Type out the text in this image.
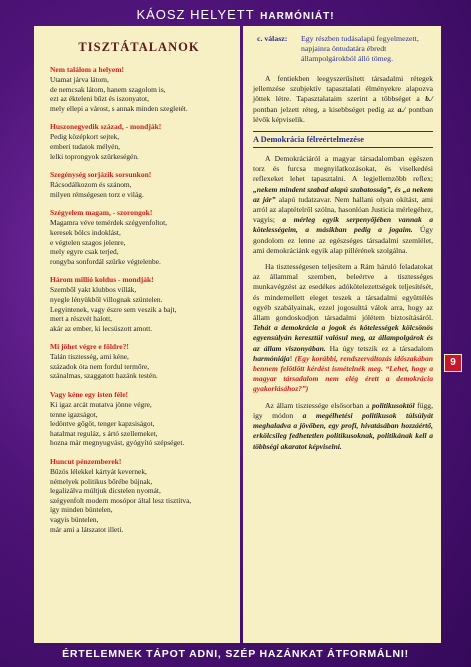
KÁOSZ HELYETT HARMÓNIÁT!
TISZTÁTALANOK
Nem találom a helyem!
Utamat járva látom,
de nemcsak látom, hanem szagolom is,
ezt az ékteleni bűzt és iszonyatot,
mely ellepi a várost, s annak minden szegletét.
Huszonegyedik század, - mondják!
Pedig középkort sejtek,
emberi tudatok mélyén,
lelki toprongyok szürkeségén.
Szegénység sorjázik sorsunkon!
Rácsodálkozom és szánom,
milyen rémségesen torz e világ.
Szégyelem magam, - szorongok!
Magamra véve temérdek szégyenfoltot,
keresek bölcs indoklást,
e végtelen szagos jelenre,
mely egyre csak terjed,
rongyba sonfordál szürke végtelenbe.
Három millió koldus - mondják!
Szemből yakt klubbos villák,
nyegle lényükből villognak szüntelen.
Legyintenek, vagy észre sem veszik a bajt,
mert a részvét halott,
akár az ember, ki lecsúszott amott.
Mi jöhet végre e földre?!
Talán tisztesség, ami kéne,
századok óta nem fordul termőre,
szánalmas, szaggatott hazánk testén.
Vagy kéne egy isten féle!
Ki igaz arcát mutatva jönne végre,
tenne igazságot,
ledöntve gőgöt, tenger kapzsiságot,
hatalmat reguláz, s ártó szellemeket,
hozna már megnyugvást, gyógyító szépséget.
Huncut pénzemberek!
Bűzös lélekkel kártyát kevernek,
némelyek politikus bőrébe bújnak,
legalizálva múltjuk dicstelen nyomát,
szégyenfolt modern mosópor által lesz tisztítva,
így minden büntelen,
vagyis büntelen,
már ami a látszatot illeti.
c. válasz:	Egy részben tudásalapú fegyelmezett, napjainra öntudatára ébredt állampolgárokból álló tömeg.

A fentiekben leegyszerűsített társadalmi rétegek jellemzése szubjektív tapasztalati élményekre alapozva jöttek létre. Tapasztalataim szerint a többséget a b./ pontban jelzett réteg, a kisebbséget pedig az a./ pontban lévők képviselik.

A Demokrácia félreértelmezése

A Demokráciáról a magyar társadalomban egészen torz és furcsa megnyilatkozásokat, és viselkedési reflexeket lehet tapasztalni. A legjellemzőbb reflex; „nekem mindent szabad alapú szabatosság”, és „a nekem az jár” alapú tudatzavar. Nem hallani olyan okítást, ami arról az alaptételről szólna, hasonlóan Justicia mérlegéhez, vagyis; a mérleg egyik serpenyőjében vannak a kötelességeim, a másikban pedig a jogaim. Úgy gondolom ez lenne az egészséges társadalmi szemlélet, ami demokráciánk egyik alap pillérének szolgálna.

Ha tisztességesen teljesítem a Rám háruló feladatokat az állammal szemben, beleértve a tisztességes munkavégzést az esedékes adókötelezettségek teljesítését, és mindemellett eleget teszek a társadalmi együttélés egyéb szabályainak, ezzel jogosulttá válok arra, hogy az állam gondoskodjon társadalmi jólétem biztosításáról. Tehát a demokrácia a jogok és kötelességek kölcsönös egyensúlyán keresztül valósul meg, az állampolgárok és az állam viszonyában. Ha úgy tetszik ez a társadalom harmóniája! (Egy korábbi, rendszerváltozás időszakában bennem felötlött kérdést ismételnék meg. “Lehet, hogy a magyar társadalom nem elég érett a demokrácia gyakorlásához?”)

Az állam tisztessége elsősorban a politikusoktól függ, így módon a megélhetési politikusok túlsúlyát meghaladva a jövőben, egy profi, hivatásában hozzáértő, erkölcsileg fedhetetlen politikusoknak, politikának kell a többségi akaratot képviselni.

9
ÉRTELEMNEK TÁPOT ADNI, SZÉP HAZÁNKAT ÁTFORMÁLNI!
